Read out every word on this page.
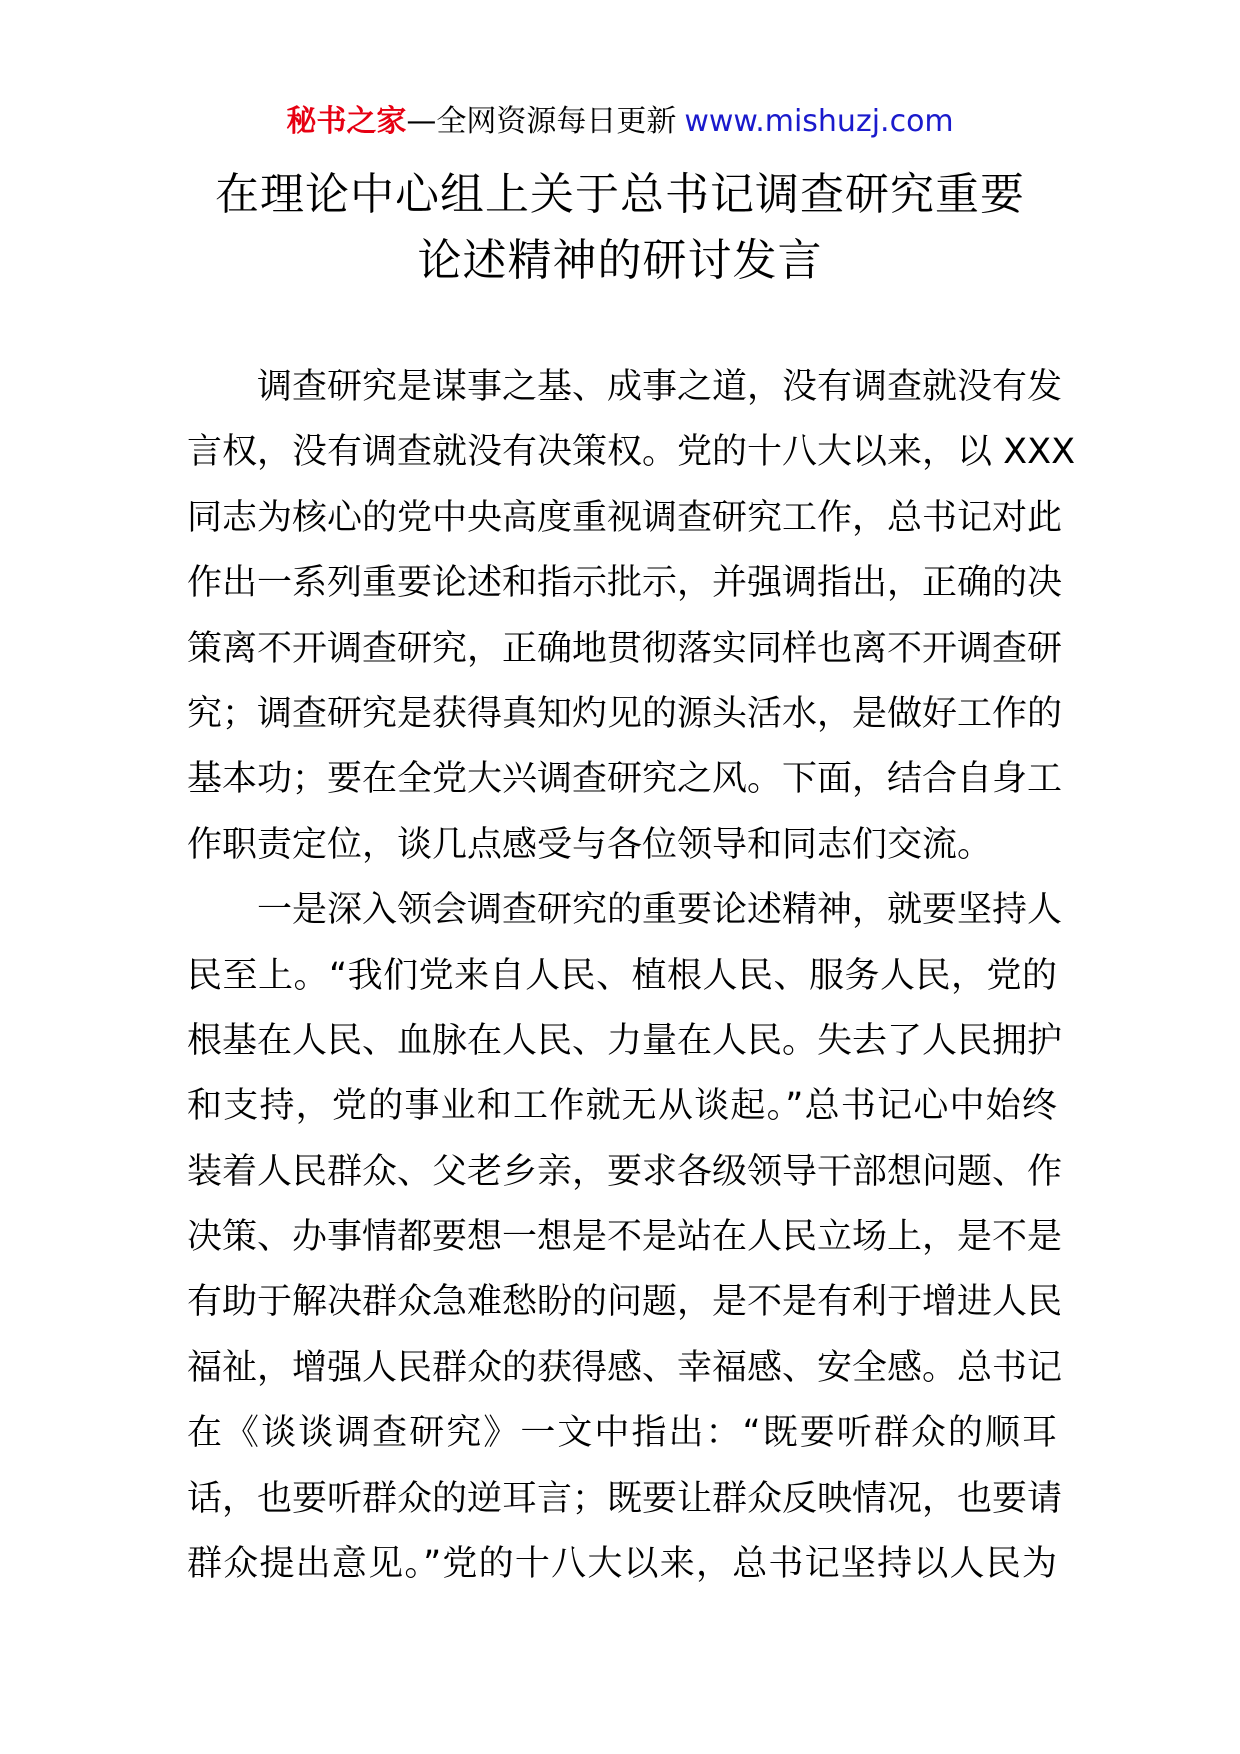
秘书之家—全网资源每日更新 www.mishuzj.com
在理论中心组上关于总书记调查研究重要
论述精神的研讨发言
调查研究是谋事之基、成事之道，没有调查就没有发
言权，没有调查就没有决策权。党的十八大以来，以 XXX
同志为核心的党中央高度重视调查研究工作，总书记对此
作出一系列重要论述和指示批示，并强调指出，正确的决
策离不开调查研究，正确地贯彻落实同样也离不开调查研
究；调查研究是获得真知灼见的源头活水，是做好工作的
基本功；要在全党大兴调查研究之风。下面，结合自身工
作职责定位，谈几点感受与各位领导和同志们交流。
一是深入领会调查研究的重要论述精神，就要坚持人
民至上。“我们党来自人民、植根人民、服务人民，党的
根基在人民、血脉在人民、力量在人民。失去了人民拥护
和支持，党的事业和工作就无从谈起。”总书记心中始终
装着人民群众、父老乡亲，要求各级领导干部想问题、作
决策、办事情都要想一想是不是站在人民立场上，是不是
有助于解决群众急难愁盼的问题，是不是有利于增进人民
福祉，增强人民群众的获得感、幸福感、安全感。总书记
在《谈谈调查研究》一文中指出：“既要听群众的顺耳
话，也要听群众的逆耳言；既要让群众反映情况，也要请
群众提出意见。”党的十八大以来，总书记坚持以人民为
